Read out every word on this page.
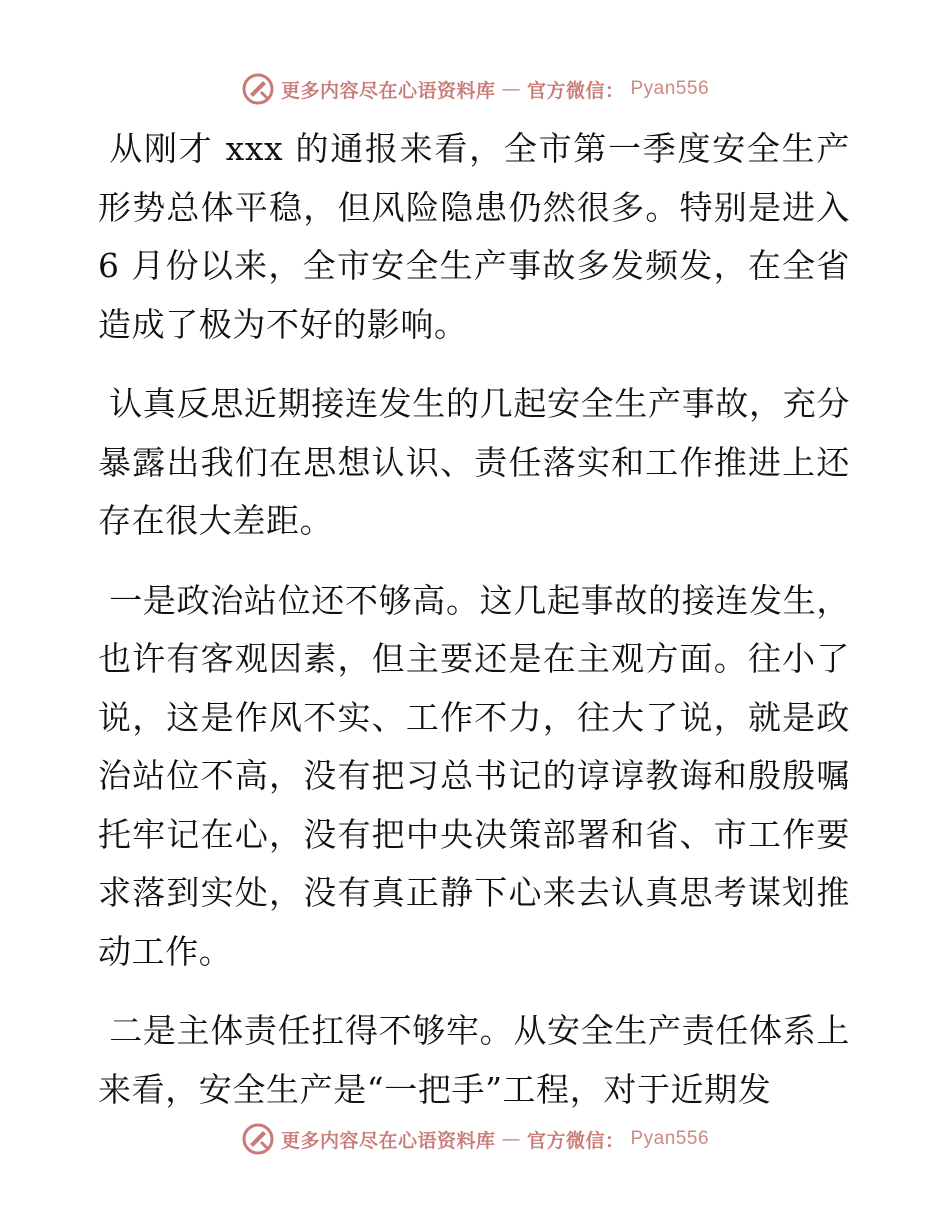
更多内容尽在心语资料库 — 官方微信： Pyan556

从刚才 xxx 的通报来看，全市第一季度安全生产形势总体平稳，但风险隐患仍然很多。特别是进入 6 月份以来，全市安全生产事故多发频发，在全省造成了极为不好的影响。

认真反思近期接连发生的几起安全生产事故，充分暴露出我们在思想认识、责任落实和工作推进上还存在很大差距。

一是政治站位还不够高。这几起事故的接连发生，也许有客观因素，但主要还是在主观方面。往小了说，这是作风不实、工作不力，往大了说，就是政治站位不高，没有把习总书记的谆谆教诲和殷殷嘱托牢记在心，没有把中央决策部署和省、市工作要求落到实处，没有真正静下心来去认真思考谋划推动工作。

二是主体责任扛得不够牢。从安全生产责任体系上来看，安全生产是“一把手”工程，对于近期发

更多内容尽在心语资料库 — 官方微信： Pyan556
